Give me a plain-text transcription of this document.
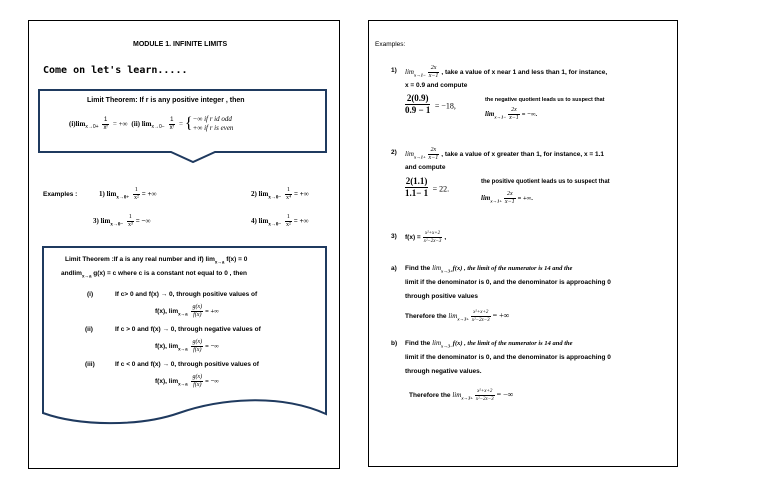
MODULE 1. INFINITE LIMITS
Come on let's learn.....
Limit Theorem: If r is any positive integer , then
$(i)\lim_{x\to 0+} \frac{1}{\text{xʳ}}$ = +∞ (ii) $\lim_{x\to 0-} \frac{1}{\text{xʳ}}$ = { −∞ if r id odd
+∞ if r is even
Examples :	1) $\lim_{x\to 0+} \frac{1}{\text{x²}}$ = +∞	2) $\lim_{x\to 0-} \frac{1}{\text{x⁴}}$ = +∞
3) $\lim_{x\to 0-} \frac{1}{\text{x³}}$ = −∞	4) $\lim_{x\to 0-} \frac{1}{\text{x²}}$ = +∞
Limit Theorem :If a is any real number and if) $\lim_{x\to a} f(x) = 0$
andlim$_{x\to a}$ g(x) = c where c is a constant not equal to 0 , then
(i)	If c> 0 and f(x) → 0, through positive values of
f(x), $\lim_{x\to a} \frac{g(x)}{f(x)}$ = +∞
(ii)	If c > 0 and f(x) → 0, through negative values of
f(x), $\lim_{x\to a} \frac{g(x)}{f(x)}$ = −∞
(iii)	If c < 0 and f(x) → 0, through positive values of
f(x), $\lim_{x\to a} \frac{g(x)}{f(x)}$ = −∞
Examples:
1) $\lim_{x\to 1-} \frac{2x}{x-1}$ , take a value of x near 1 and less than 1, for instance,
x = 0.9 and compute
$\frac{2(0.9)}{0.9 - 1} = -18$,
the negative quotient leads us to suspect that
$\lim_{x\to 1-} \frac{2x}{x-1}$ = −∞.
2) $\lim_{x\to 1+} \frac{2x}{x-1}$ , take a value of x greater than 1, for instance, x = 1.1
and compute
$\frac{2(1.1)}{1.1- 1} = 22$.
the positive quotient leads us to suspect that
$\lim_{x\to 1+} \frac{2x}{x-1}$ = +∞.
3) $f(x) = \frac{\text{x²+x+2}}{\text{x²−2x−3}}$ ,
a) Find the $\lim_{x\to 3+}f(x)$ , the limit of the numerator is 14 and the
limit if the denominator is 0, and the denominator is approaching 0
through positive values
Therefore the $\lim_{x\to 3+} \frac{\text{x²+x+2}}{\text{x²−2x−3}}$ = +∞
b) Find the $\lim_{x\to 3-}f(x)$ , the limit of the numerator is 14 and the
limit if the denominator is 0, and the denominator is approaching 0
through negative values.
Therefore the $\lim_{x\to 3+} \frac{\text{x²+x+2}}{\text{x²−2x−3}}$ = −∞
